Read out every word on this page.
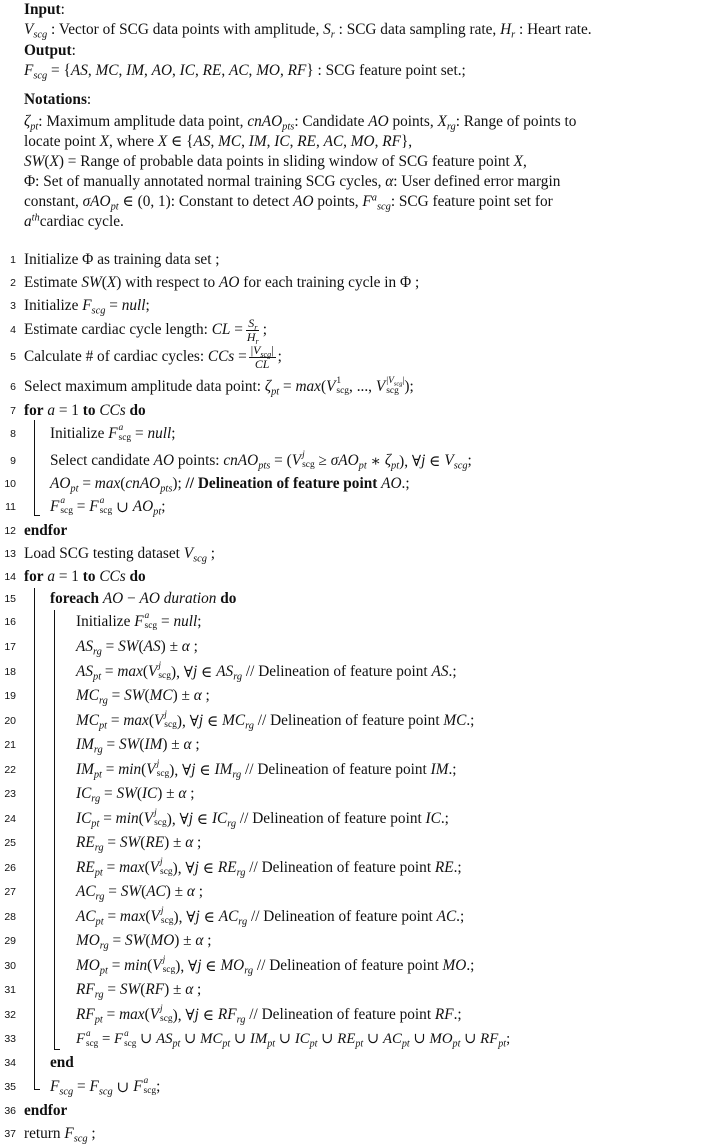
Input:
$V_{scg}$ : Vector of SCG data points with amplitude, $S_r$ : SCG data sampling rate, $H_r$ : Heart rate.
Output:
$F_{scg} = \{AS$, MC, IM, AO, IC, RE, AC, MO, RF} : SCG feature point set.;
Notations:
$\zeta_{pt}$: Maximum amplitude data point, cnAO$_{pts}$: Candidate AO points, $X_{rg}$: Range of points to
locate point X, where X ∈ {AS, MC, IM, IC, RE, AC, MO, RF},
SW(X) = Range of probable data points in sliding window of SCG feature point X,
Φ: Set of manually annotated normal training SCG cycles, α: User defined error margin
constant, σAO$_{pt}$ ∈ (0, 1): Constant to detect AO points, $F^a_{scg}$: SCG feature point set for
$a^{th}cardiac$ cycle.
1 Initialize Φ as training data set ;
2 Estimate SW ( X ) with respect to AO for each training cycle in Φ ;
3 Initialize $F_{scg}$ = null ;
4 Estimate cardiac cycle length: CL = $\frac{S_r}{H_r}$ ;
5 Calculate # of cardiac cycles: CCs = $\frac{|V_{scg}|}{CL}$ ;
6 Select maximum amplitude data point: $\zeta_{pt} = \max$ ( V 1
scg , ..., V $|V_{scg}|$
scg );
7 for
a = 1 to
CCs
do
8 Initialize F a
scg = null ;
9 Select candidate AO points: cnAO$_{pts}$ = ( V j
scg ≥ σAO$_{pt}$ ∗ $\zeta_{pt}$ ), ∀ j ∈ $V_{scg}$ ;
10 $AO_{pt} = \max$ ( cnAO$_{pts}$ ); // Delineation of feature point
AO .;
11 F a
scg = F a
scg ∪ $AO_{pt}$ ;
12 endfor
13 Load SCG testing dataset $V_{scg}$ ;
14 for
a = 1 to
CCs
do
15 foreach
AO − AO duration
do
16	Initialize F a
scg = null ;
17	$AS_{rg}$ = SW ( AS ) ± α ;
18	$AS_{pt} = \max$ ( V j
scg ), ∀ j ∈ $AS_{rg}$ // Delineation of feature point AS .;
19	$MC_{rg}$ = SW ( MC ) ± α ;
20	$MC_{pt} = \max$ ( V j
scg ), ∀ j ∈ $MC_{rg}$ // Delineation of feature point MC .;
21	$IM_{rg}$ = SW ( IM ) ± α ;
22	$IM_{pt} = \min$ ( V j
scg ), ∀ j ∈ $IM_{rg}$ // Delineation of feature point IM .;
23	$IC_{rg}$ = SW ( IC ) ± α ;
24	$IC_{pt} = \min$ ( V j
scg ), ∀ j ∈ $IC_{rg}$ // Delineation of feature point IC .;
25	$RE_{rg}$ = SW ( RE ) ± α ;
26	$RE_{pt} = \max$ ( V j
scg ), ∀ j ∈ $RE_{rg}$ // Delineation of feature point RE .;
27	$AC_{rg}$ = SW ( AC ) ± α ;
28	$AC_{pt} = \max$ ( V j
scg ), ∀ j ∈ $AC_{rg}$ // Delineation of feature point AC .;
29	$MO_{rg}$ = SW ( MO ) ± α ;
30	$MO_{pt} = \min$ ( V j
scg ), ∀ j ∈ $MO_{rg}$ // Delineation of feature point MO .;
31	$RF_{rg}$ = SW ( RF ) ± α ;
32	$RF_{pt} = \max$ ( V j
scg ), ∀ j ∈ $RF_{rg}$ // Delineation of feature point RF .;
33	F a
scg = F a
scg ∪ $AS_{pt}$ ∪ $MC_{pt}$ ∪ $IM_{pt}$ ∪ $IC_{pt}$ ∪ $RE_{pt}$ ∪ $AC_{pt}$ ∪ $MO_{pt}$ ∪ $RF_{pt}$ ;
34 end
35 $F_{scg} = F_{scg}$ ∪ F a
scg ;
36 endfor
37 return $F_{scg}$ ;
